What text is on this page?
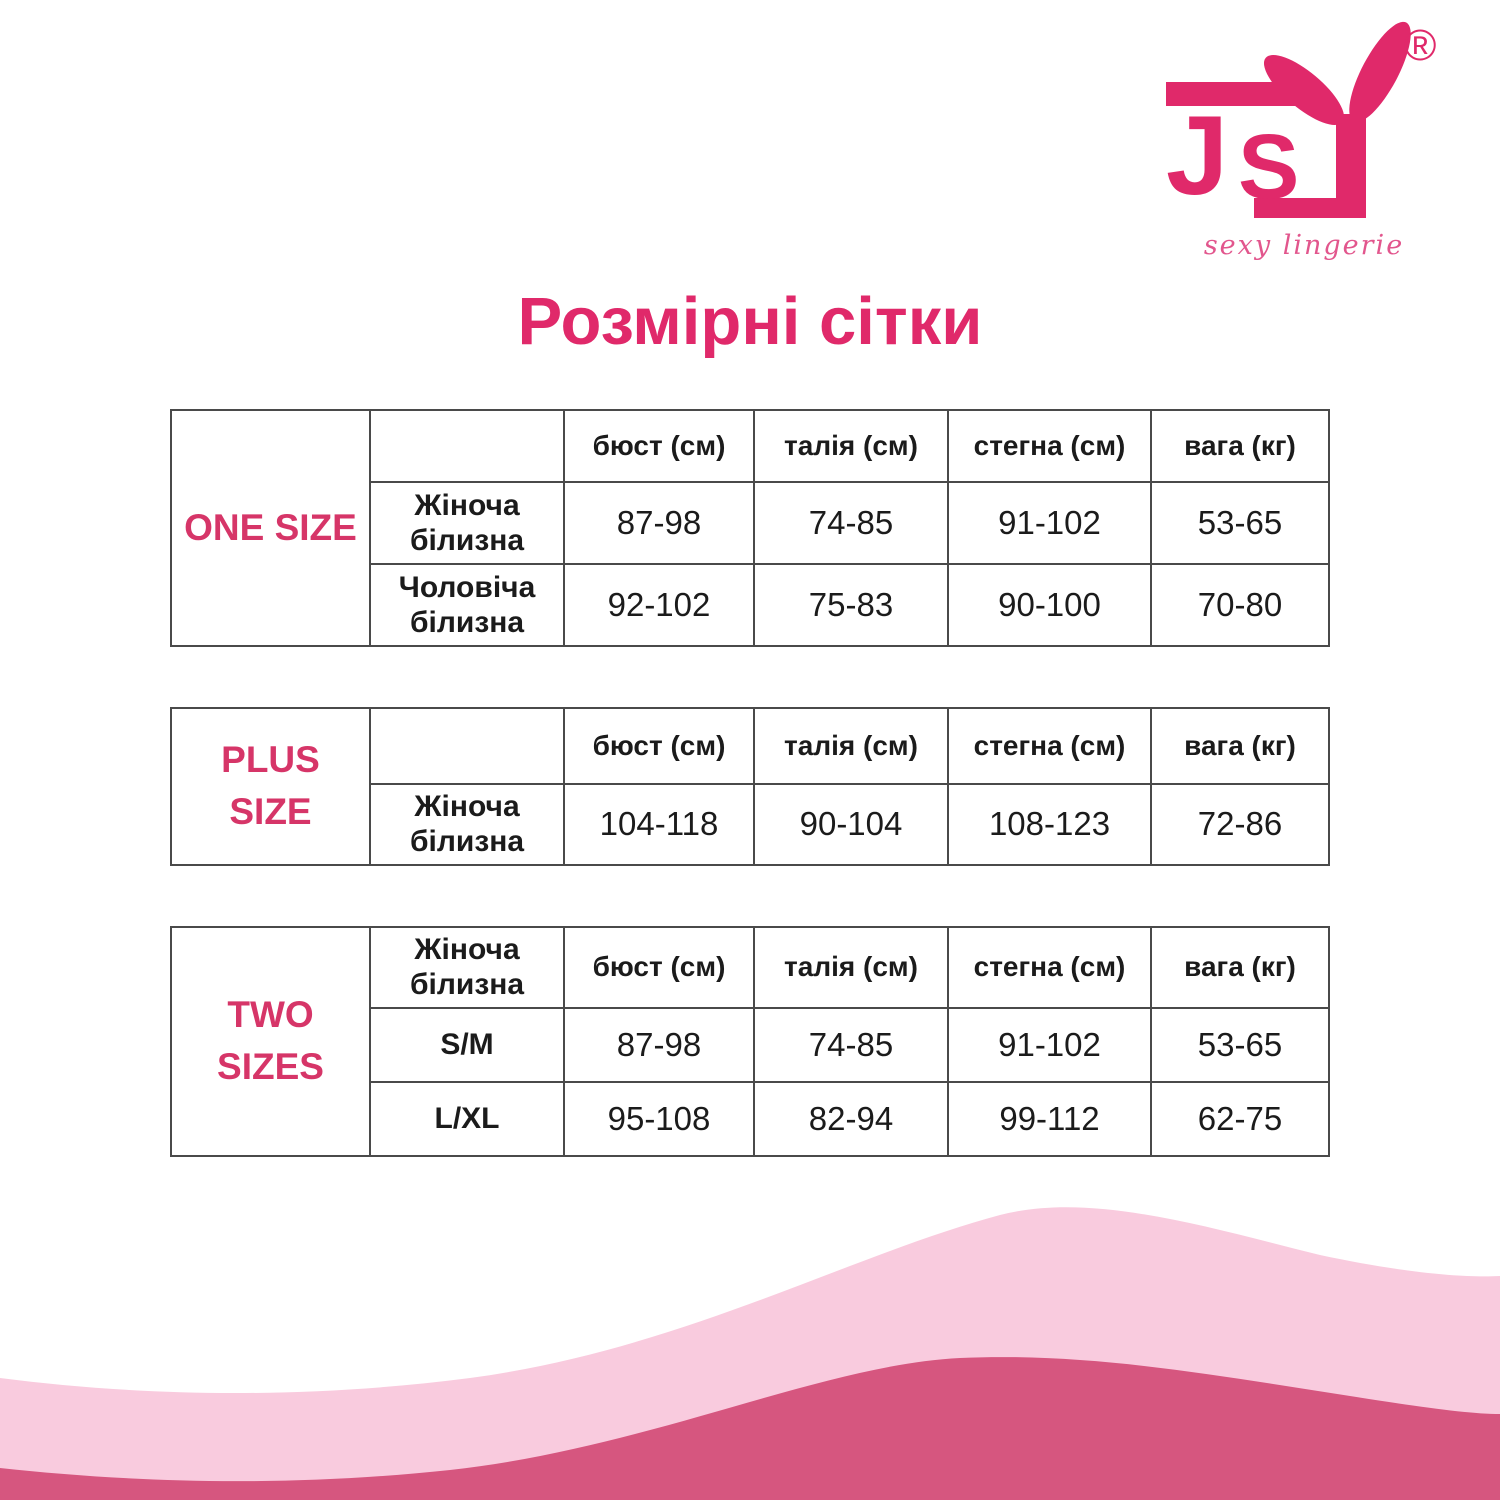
J S
®
sexy lingerie
Розмірні сітки
ONE SIZE		бюст (см)	талія (см)	стегна (см)	вага (кг)
	Жіноча білизна	87-98	74-85	91-102	53-65
	Чоловіча білизна	92-102	75-83	90-100	70-80
PLUS SIZE		бюст (см)	талія (см)	стегна (см)	вага (кг)
	Жіноча білизна	104-118	90-104	108-123	72-86
TWO SIZES	Жіноча білизна	бюст (см)	талія (см)	стегна (см)	вага (кг)
	S/M	87-98	74-85	91-102	53-65
	L/XL	95-108	82-94	99-112	62-75
